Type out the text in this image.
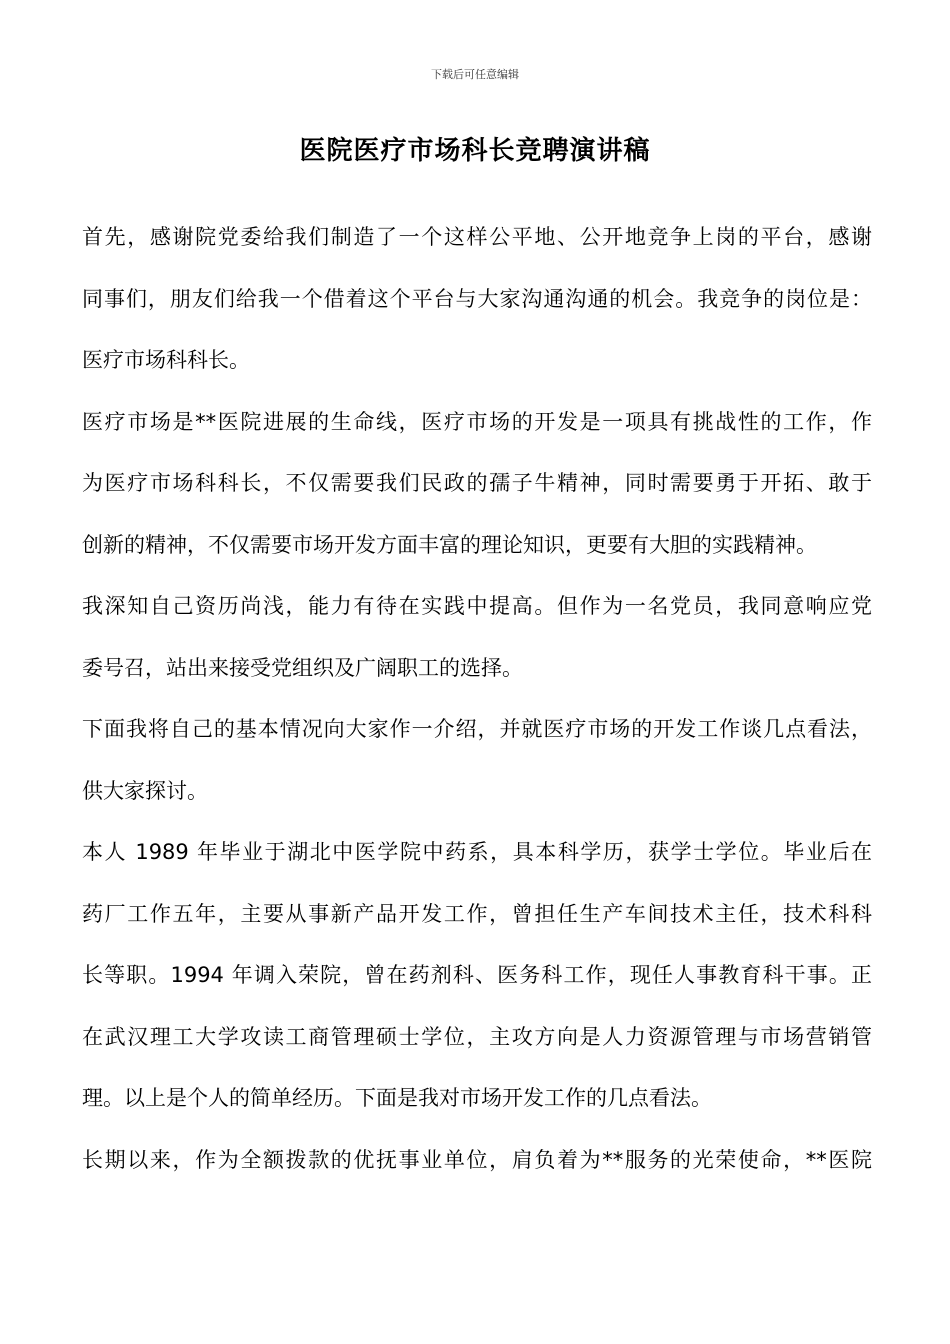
下载后可任意编辑
医院医疗市场科长竞聘演讲稿
首先，感谢院党委给我们制造了一个这样公平地、公开地竞争上岗的平台，感谢
同事们，朋友们给我一个借着这个平台与大家沟通沟通的机会。我竞争的岗位是：
医疗市场科科长。
医疗市场是**医院进展的生命线，医疗市场的开发是一项具有挑战性的工作，作
为医疗市场科科长，不仅需要我们民政的孺子牛精神，同时需要勇于开拓、敢于
创新的精神，不仅需要市场开发方面丰富的理论知识，更要有大胆的实践精神。
我深知自己资历尚浅，能力有待在实践中提高。但作为一名党员，我同意响应党
委号召，站出来接受党组织及广阔职工的选择。
下面我将自己的基本情况向大家作一介绍，并就医疗市场的开发工作谈几点看法，
供大家探讨。
本人 1989 年毕业于湖北中医学院中药系，具本科学历，获学士学位。毕业后在
药厂工作五年，主要从事新产品开发工作，曾担任生产车间技术主任，技术科科
长等职。1994 年调入荣院，曾在药剂科、医务科工作，现任人事教育科干事。正
在武汉理工大学攻读工商管理硕士学位，主攻方向是人力资源管理与市场营销管
理。以上是个人的简单经历。下面是我对市场开发工作的几点看法。
长期以来，作为全额拨款的优抚事业单位，肩负着为**服务的光荣使命，**医院
